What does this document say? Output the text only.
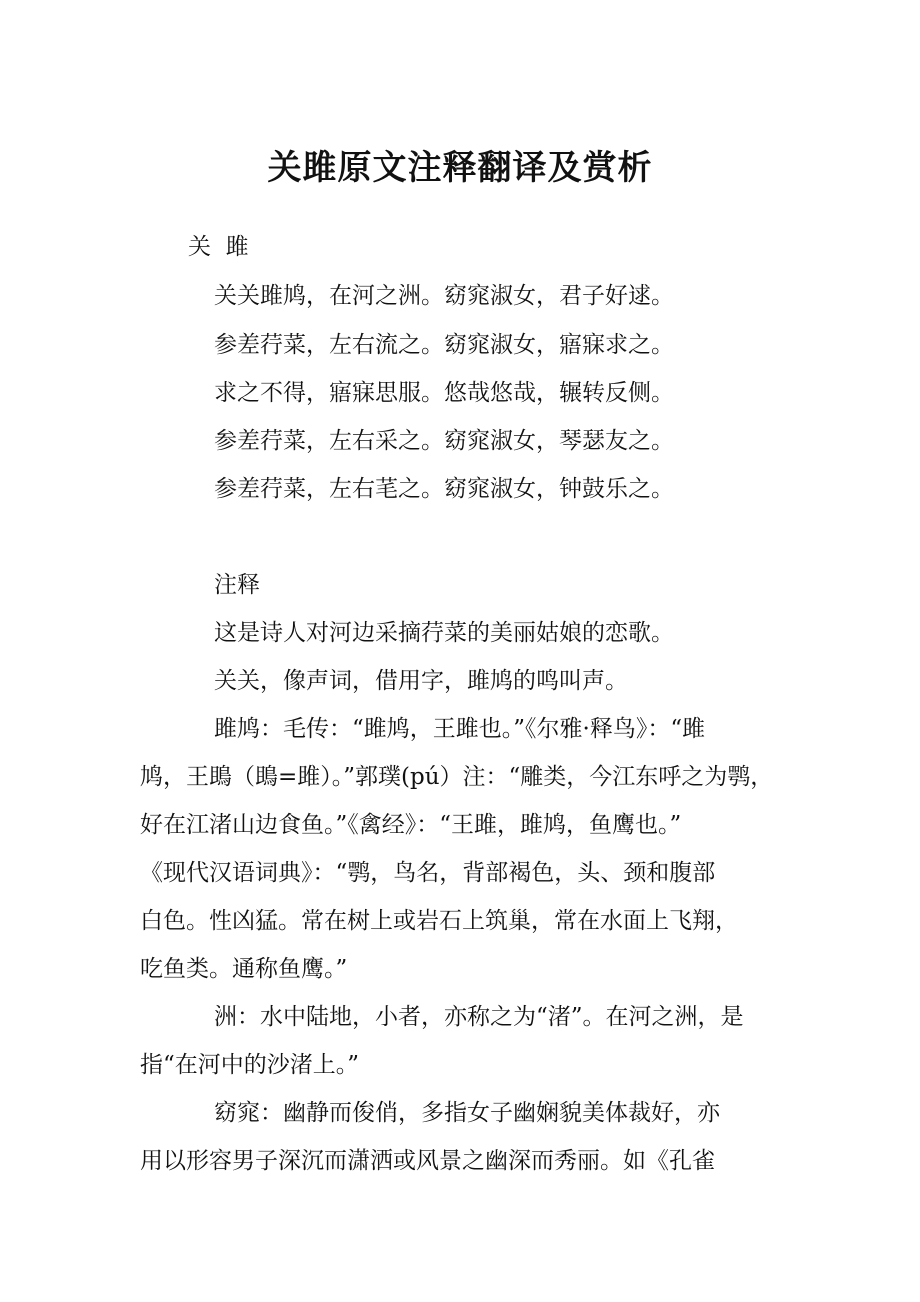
关雎原文注释翻译及赏析
关  雎
关关雎鸠，在河之洲。窈窕淑女，君子好逑。
参差荇菜，左右流之。窈窕淑女，寤寐求之。
求之不得，寤寐思服。悠哉悠哉，辗转反侧。
参差荇菜，左右采之。窈窕淑女，琴瑟友之。
参差荇菜，左右芼之。窈窕淑女，钟鼓乐之。
注释
这是诗人对河边采摘荇菜的美丽姑娘的恋歌。
关关，像声词，借用字，雎鸠的鸣叫声。
雎鸠：毛传：“雎鸠，王雎也。”《尔雅·释鸟》：“雎
鸠，王鴡（鴡=雎）。”郭璞(pú）注：“雕类，今江东呼之为鹗，
好在江渚山边食鱼。”《禽经》：“王雎，雎鸠，鱼鹰也。”
《现代汉语词典》：“鹗，鸟名，背部褐色，头、颈和腹部
白色。性凶猛。常在树上或岩石上筑巢，常在水面上飞翔，
吃鱼类。通称鱼鹰。”
洲：水中陆地，小者，亦称之为“渚”。在河之洲，是
指“在河中的沙渚上。”
窈窕：幽静而俊俏，多指女子幽娴貌美体裁好，亦
用以形容男子深沉而潇洒或风景之幽深而秀丽。如《孔雀
